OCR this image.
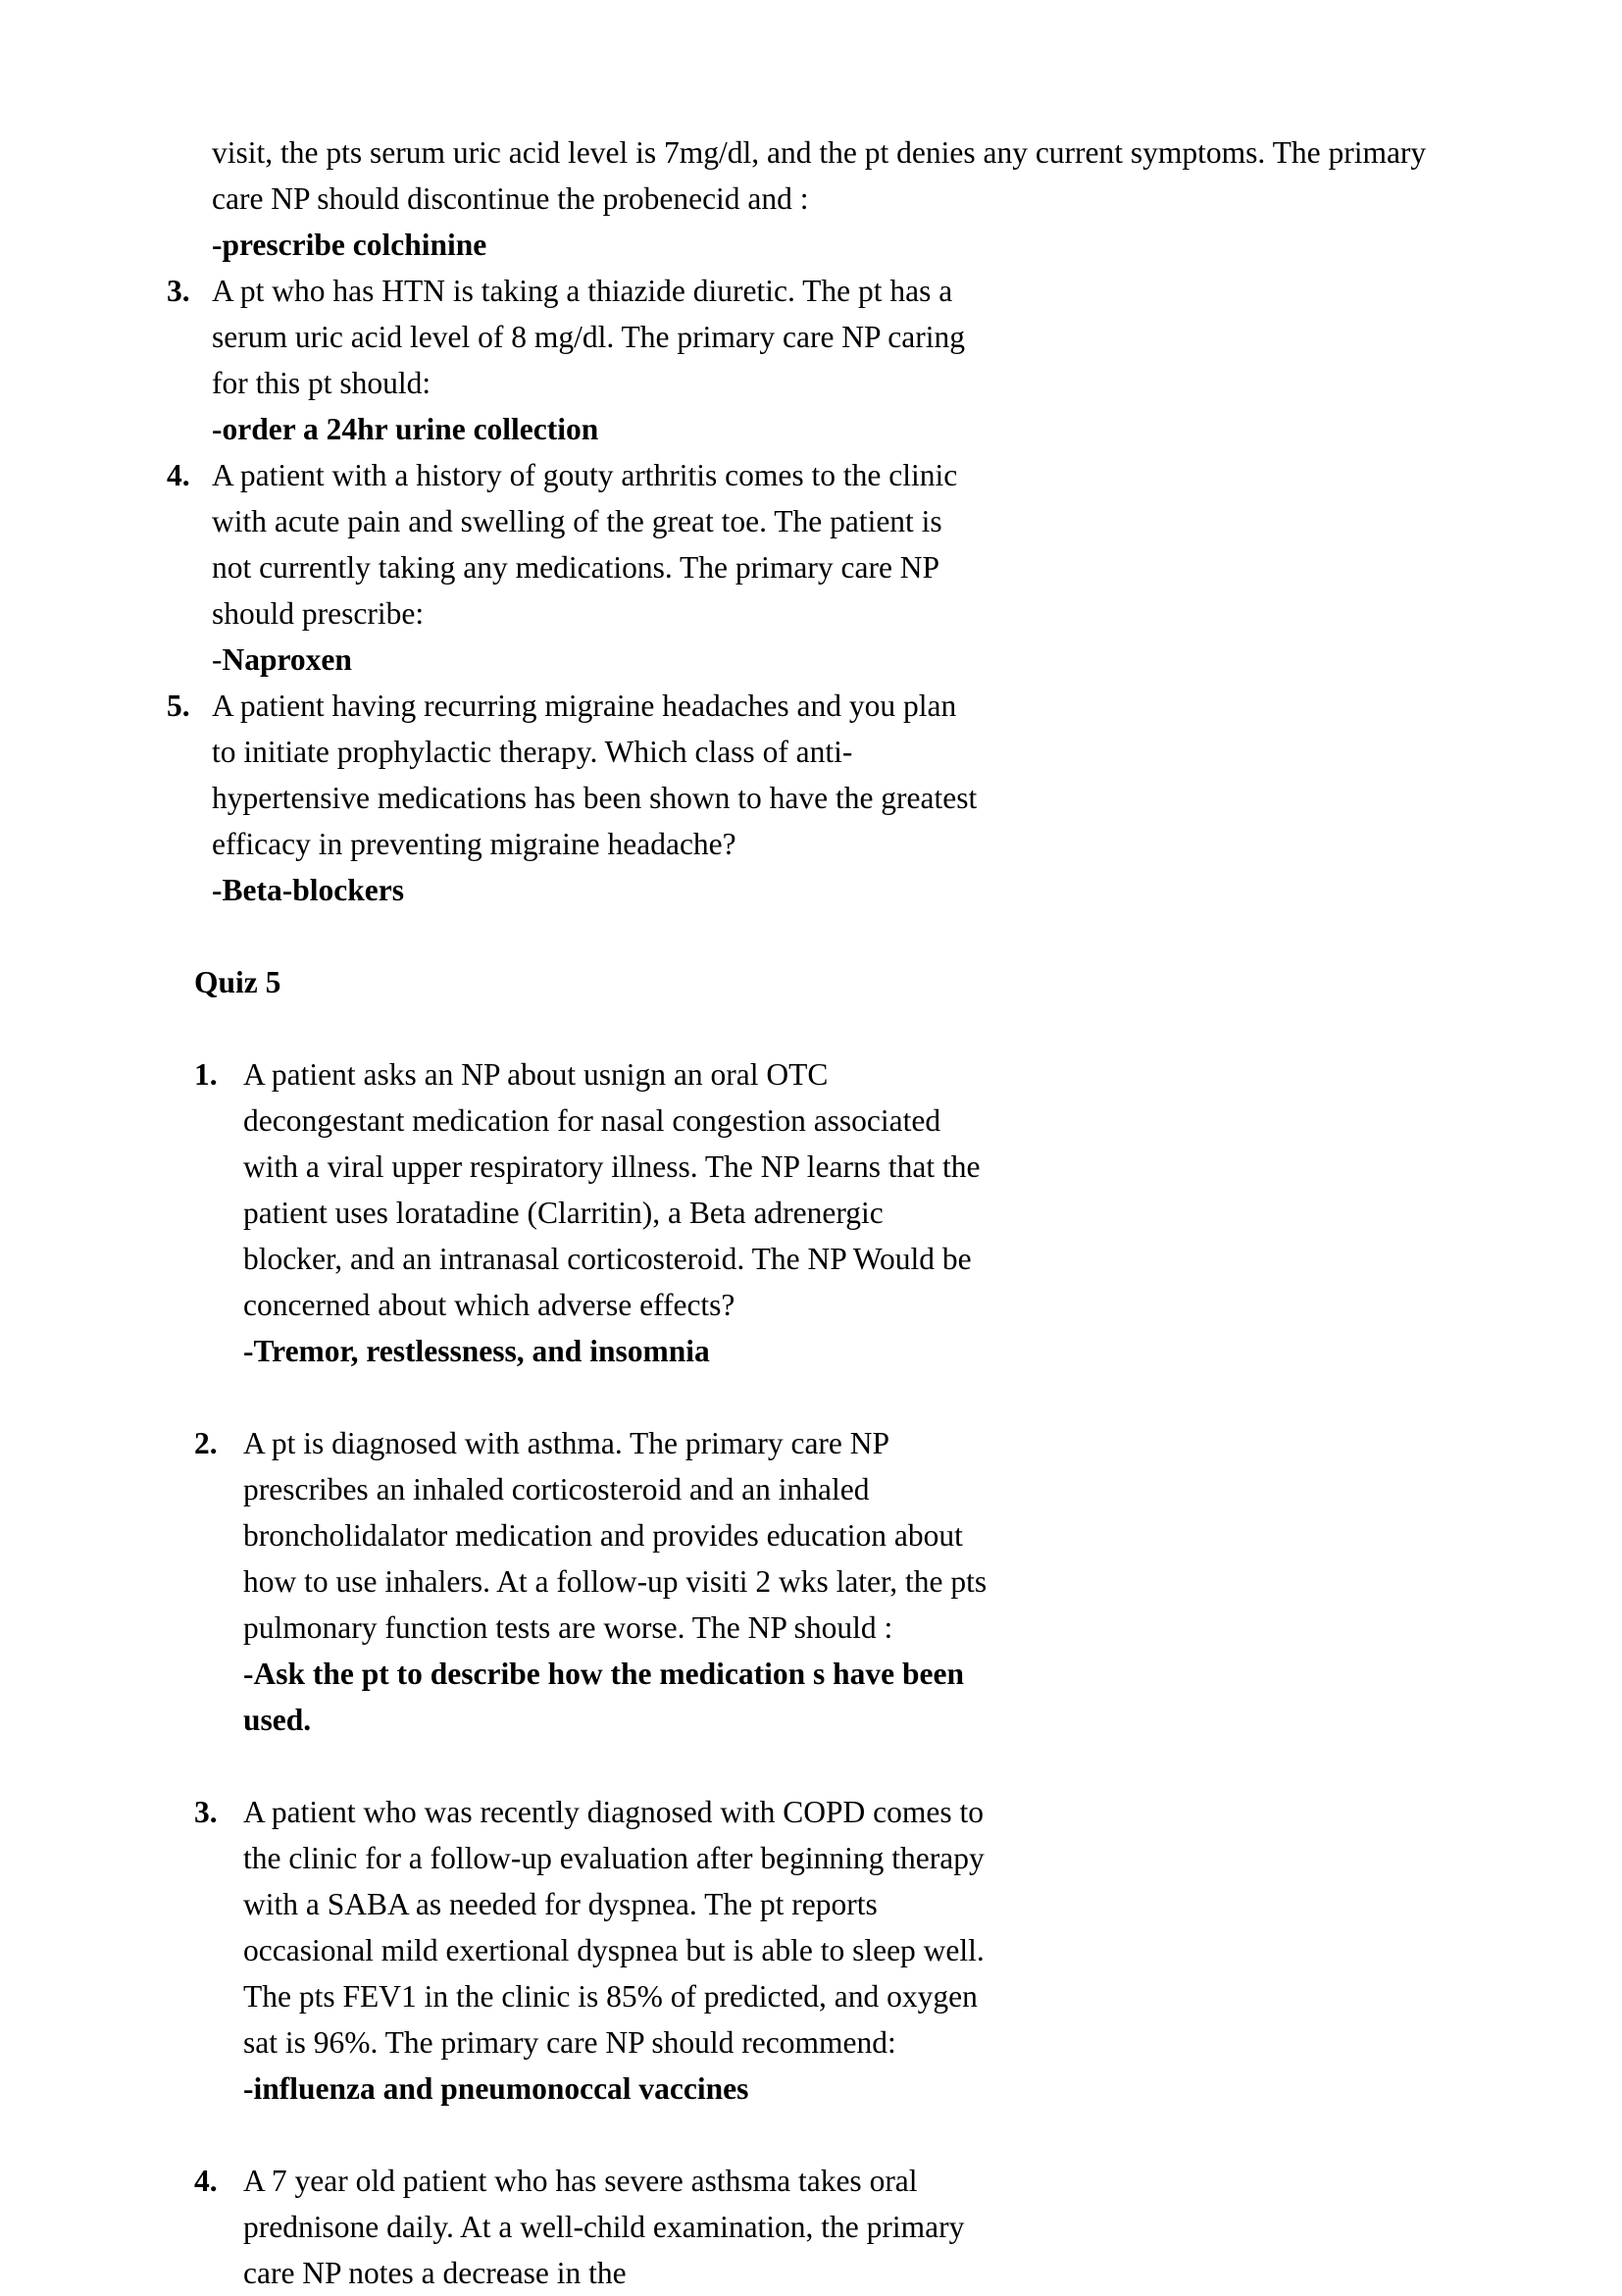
visit, the pts serum uric acid level is 7mg/dl, and the pt denies any current symptoms. The primary care NP should discontinue the probenecid and :
-prescribe colchinine
3. A pt who has HTN is taking a thiazide diuretic. The pt has a serum uric acid level of 8 mg/dl. The primary care NP caring for this pt should:
-order a 24hr urine collection
4. A patient with a history of gouty arthritis comes to the clinic with acute pain and swelling of the great toe. The patient is not currently taking any medications. The primary care NP should prescribe:
-Naproxen
5. A patient having recurring migraine headaches and you plan to initiate prophylactic therapy. Which class of anti-hypertensive medications has been shown to have the greatest efficacy in preventing migraine headache?
-Beta-blockers
Quiz 5
1. A patient asks an NP about usnign an oral OTC decongestant medication for nasal congestion associated with a viral upper respiratory illness. The NP learns that the patient uses loratadine (Clarritin), a Beta adrenergic blocker, and an intranasal corticosteroid. The NP Would be concerned about which adverse effects?
-Tremor, restlessness, and insomnia
2. A pt is diagnosed with asthma. The primary care NP prescribes an inhaled corticosteroid and an inhaled broncholidalator medication and provides education about how to use inhalers. At a follow-up visiti 2 wks later, the pts pulmonary function tests are worse. The NP should :
-Ask the pt to describe how the medication s have been used.
3. A patient who was recently diagnosed with COPD comes to the clinic for a follow-up evaluation after beginning therapy with a SABA as needed for dyspnea. The pt reports occasional mild exertional dyspnea but is able to sleep well. The pts FEV1 in the clinic is 85% of predicted, and oxygen sat is 96%. The primary care NP should recommend:
-influenza and pneumonoccal vaccines
4. A 7 year old patient who has severe asthsma takes oral prednisone daily. At a well-child examination, the primary care NP notes a decrease in the
